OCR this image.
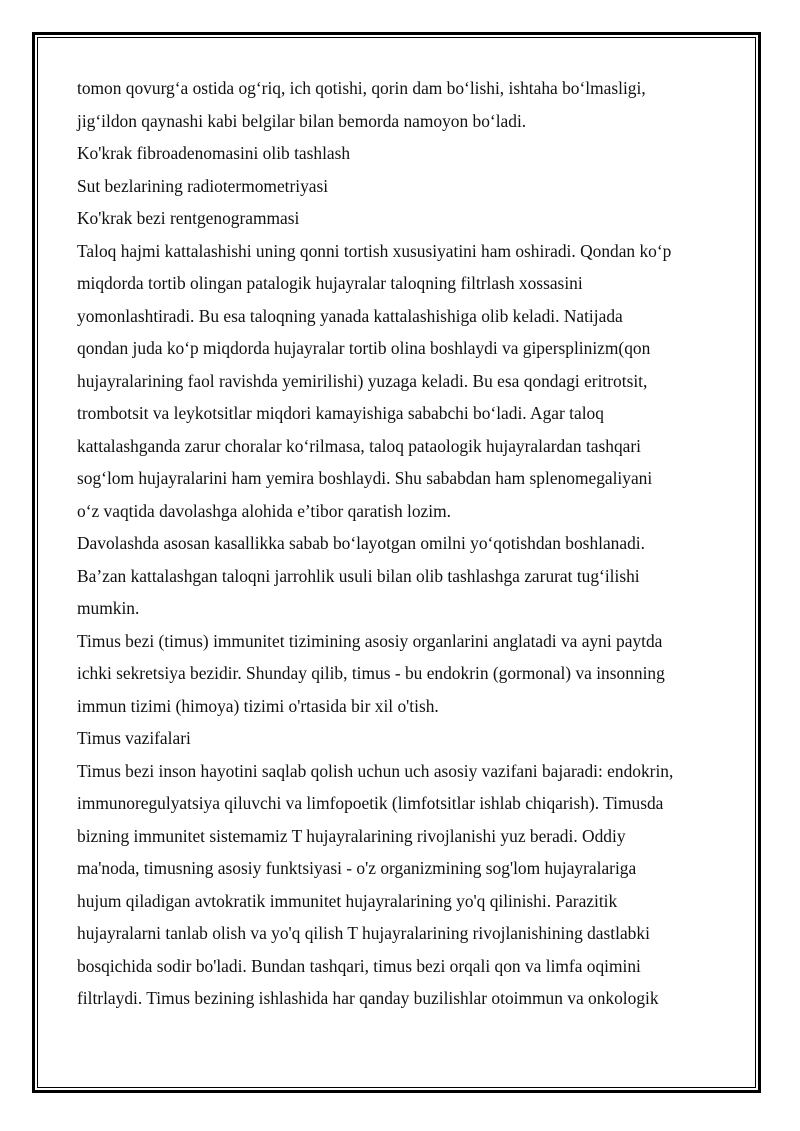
tomon qovurg‘a ostida og‘riq, ich qotishi, qorin dam bo‘lishi, ishtaha bo‘lmasligi,
jig‘ildon qaynashi kabi belgilar bilan bemorda namoyon bo‘ladi.
Ko'krak fibroadenomasini olib tashlash
Sut bezlarining radiotermometriyasi
Ko'krak bezi rentgenogrammasi
Taloq hajmi kattalashishi uning qonni tortish xususiyatini ham oshiradi. Qondan ko‘p
miqdorda tortib olingan patalogik hujayralar taloqning filtrlash xossasini
yomonlashtiradi. Bu esa taloqning yanada kattalashishiga olib keladi. Natijada
qondan juda ko‘p miqdorda hujayralar tortib olina boshlaydi va gipersplinizm(qon
hujayralarining faol ravishda yemirilishi) yuzaga keladi. Bu esa qondagi eritrotsit,
trombotsit va leykotsitlar miqdori kamayishiga sababchi bo‘ladi. Agar taloq
kattalashganda zarur choralar ko‘rilmasa, taloq pataologik hujayralardan tashqari
sog‘lom hujayralarini ham yemira boshlaydi. Shu sababdan ham splenomegaliyani
o‘z vaqtida davolashga alohida e’tibor qaratish lozim.
Davolashda asosan kasallikka sabab bo‘layotgan omilni yo‘qotishdan boshlanadi.
Ba’zan kattalashgan taloqni jarrohlik usuli bilan olib tashlashga zarurat tug‘ilishi
mumkin.
Timus bezi (timus) immunitet tizimining asosiy organlarini anglatadi va ayni paytda
ichki sekretsiya bezidir. Shunday qilib, timus - bu endokrin (gormonal) va insonning
immun tizimi (himoya) tizimi o'rtasida bir xil o'tish.
Timus vazifalari
Timus bezi inson hayotini saqlab qolish uchun uch asosiy vazifani bajaradi: endokrin,
immunoregulyatsiya qiluvchi va limfopoetik (limfotsitlar ishlab chiqarish). Timusda
bizning immunitet sistemamiz T hujayralarining rivojlanishi yuz beradi. Oddiy
ma'noda, timusning asosiy funktsiyasi - o'z organizmining sog'lom hujayralariga
hujum qiladigan avtokratik immunitet hujayralarining yo'q qilinishi. Parazitik
hujayralarni tanlab olish va yo'q qilish T hujayralarining rivojlanishining dastlabki
bosqichida sodir bo'ladi. Bundan tashqari, timus bezi orqali qon va limfa oqimini
filtrlaydi. Timus bezining ishlashida har qanday buzilishlar otoimmun va onkologik
